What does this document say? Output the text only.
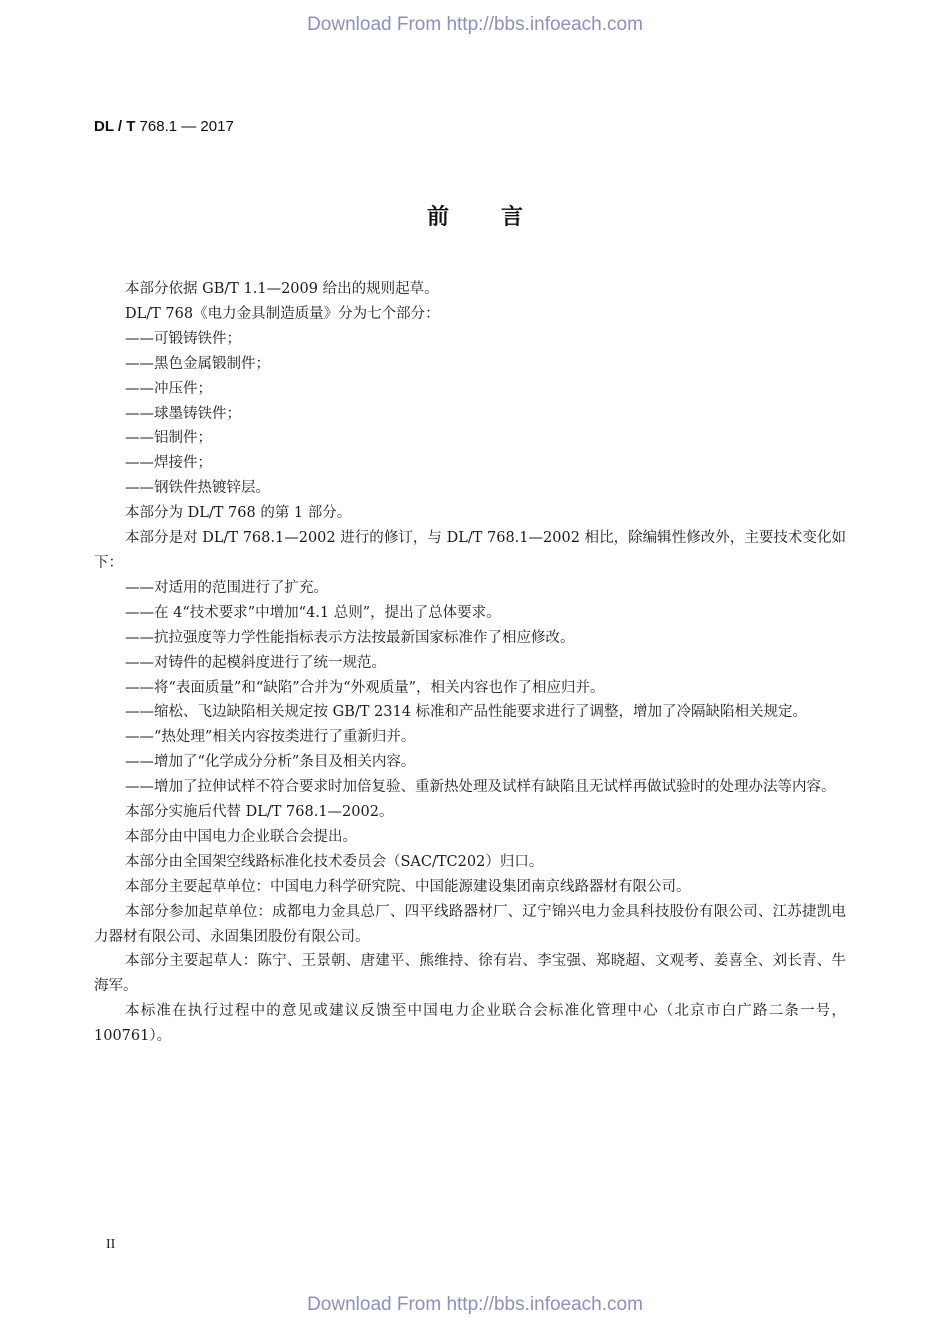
Download From http://bbs.infoeach.com
DL / T 768.1 — 2017
前言

本部分依据 GB/T 1.1—2009 给出的规则起草。

DL/T 768《电力金具制造质量》分为七个部分：

——可锻铸铁件；

——黑色金属锻制件；

——冲压件；

——球墨铸铁件；

——铝制件；

——焊接件；

——钢铁件热镀锌层。

本部分为 DL/T 768 的第 1 部分。

本部分是对 DL/T 768.1—2002 进行的修订，与 DL/T 768.1—2002 相比，除编辑性修改外，主要技术变化如下：

——对适用的范围进行了扩充。

——在 4“技术要求”中增加“4.1 总则”，提出了总体要求。

——抗拉强度等力学性能指标表示方法按最新国家标准作了相应修改。

——对铸件的起模斜度进行了统一规范。

——将“表面质量”和“缺陷”合并为“外观质量”，相关内容也作了相应归并。

——缩松、飞边缺陷相关规定按 GB/T 2314 标准和产品性能要求进行了调整，增加了冷隔缺陷相关规定。

——“热处理”相关内容按类进行了重新归并。

——增加了“化学成分分析”条目及相关内容。

——增加了拉伸试样不符合要求时加倍复验、重新热处理及试样有缺陷且无试样再做试验时的处理办法等内容。

本部分实施后代替 DL/T 768.1—2002。

本部分由中国电力企业联合会提出。

本部分由全国架空线路标准化技术委员会（SAC/TC202）归口。

本部分主要起草单位：中国电力科学研究院、中国能源建设集团南京线路器材有限公司。

本部分参加起草单位：成都电力金具总厂、四平线路器材厂、辽宁锦兴电力金具科技股份有限公司、江苏捷凯电力器材有限公司、永固集团股份有限公司。

本部分主要起草人：陈宁、王景朝、唐建平、熊维持、徐有岩、李宝强、郑晓超、文观考、姜喜全、刘长青、牛海军。

本标准在执行过程中的意见或建议反馈至中国电力企业联合会标准化管理中心（北京市白广路二条一号，100761）。

II
Download From http://bbs.infoeach.com
